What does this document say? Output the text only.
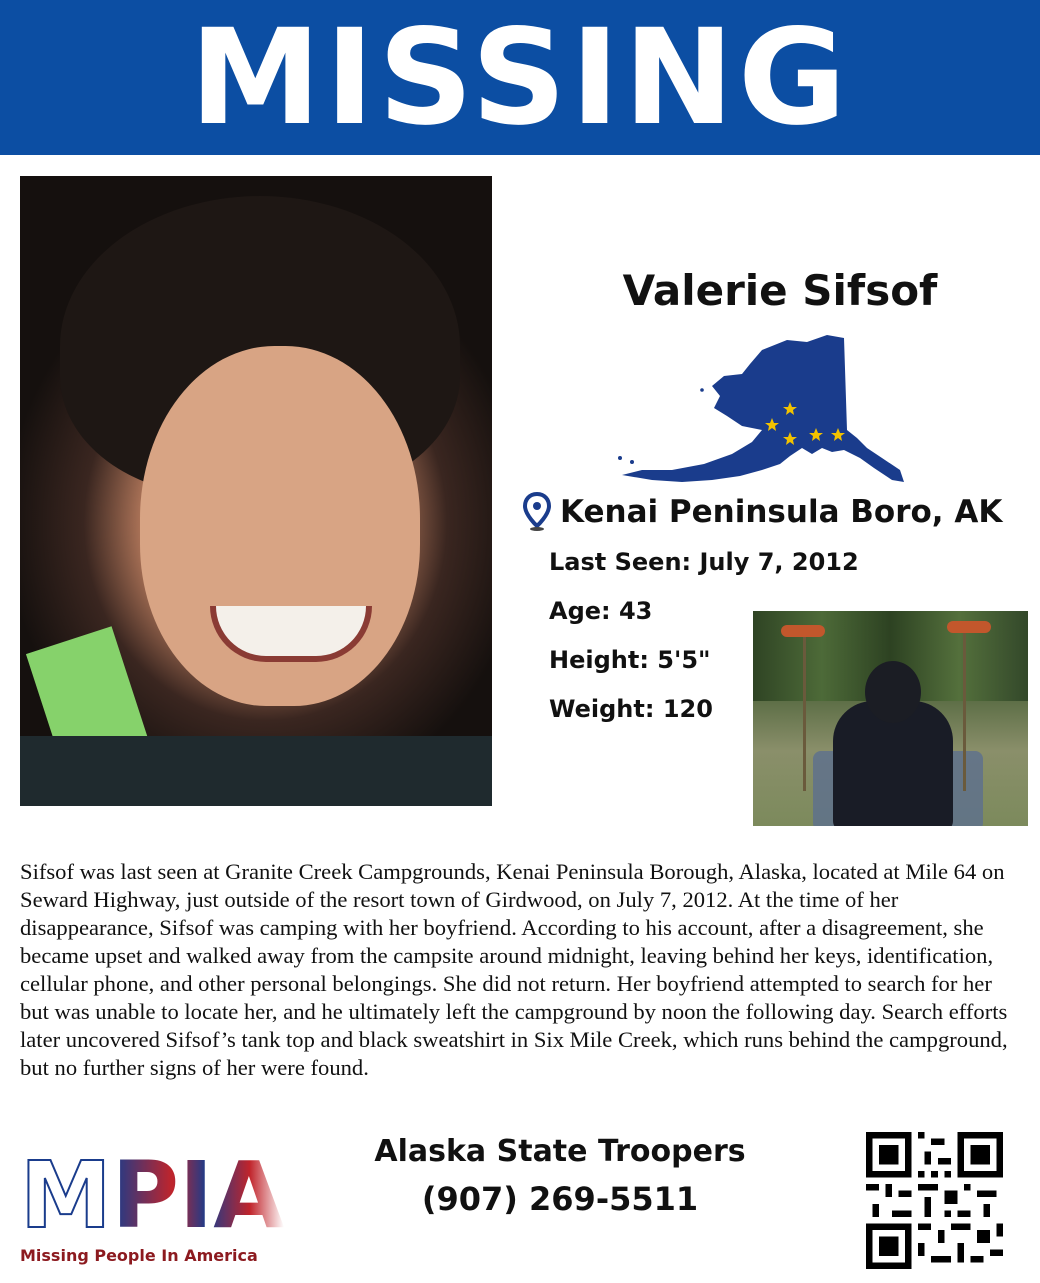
MISSING
Valerie Sifsof
Kenai Peninsula Boro, AK
Last Seen: July 7, 2012
Age: 43
Height: 5'5"
Weight: 120

Sifsof was last seen at Granite Creek Campgrounds, Kenai Peninsula Borough, Alaska, located at Mile 64 on Seward Highway, just outside of the resort town of Girdwood, on July 7, 2012. At the time of her disappearance, Sifsof was camping with her boyfriend. According to his account, after a disagreement, she became upset and walked away from the campsite around midnight, leaving behind her keys, identification, cellular phone, and other personal belongings. She did not return. Her boyfriend attempted to search for her but was unable to locate her, and he ultimately left the campground by noon the following day. Search efforts later uncovered Sifsof’s tank top and black sweatshirt in Six Mile Creek, which runs behind the campground, but no further signs of her were found.

M PIA
Missing People In America
Alaska State Troopers
(907) 269-5511
